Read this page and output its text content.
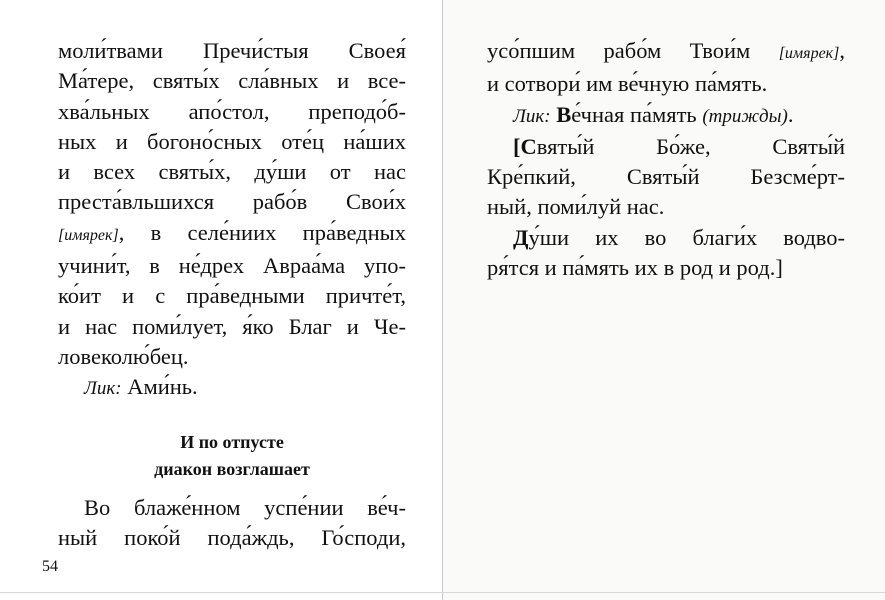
моли́твами Пречи́стыя Своея́
Ма́тере, святы́х сла́вных и все-
хва́льных апо́стол, преподо́б-
ных и богоно́сных оте́ц на́ших
и всех святы́х, ду́ши от нас
преста́вльшихся рабо́в Свои́х
[имярек], в селе́ниих пра́ведных
учини́т, в не́дрех Авраа́ма упо-
ко́ит и с пра́ведными причте́т,
и нас поми́лует, я́ко Благ и Че-
ловеколю́бец.
Лик: Ами́нь.
И по отпусте
диакон возглашает
Во блаже́нном успе́нии ве́ч-
ный поко́й пода́ждь, Го́споди,
54
усо́пшим рабо́м Твои́м [имярек],
и сотвори́ им ве́чную па́мять.
Лик: Ве́чная па́мять (трижды).
[Святы́й Бо́же, Святы́й
Кре́пкий, Святы́й Безсме́рт-
ный, поми́луй нас.
Ду́ши их во благи́х водво-
ря́тся и па́мять их в род и род.]
